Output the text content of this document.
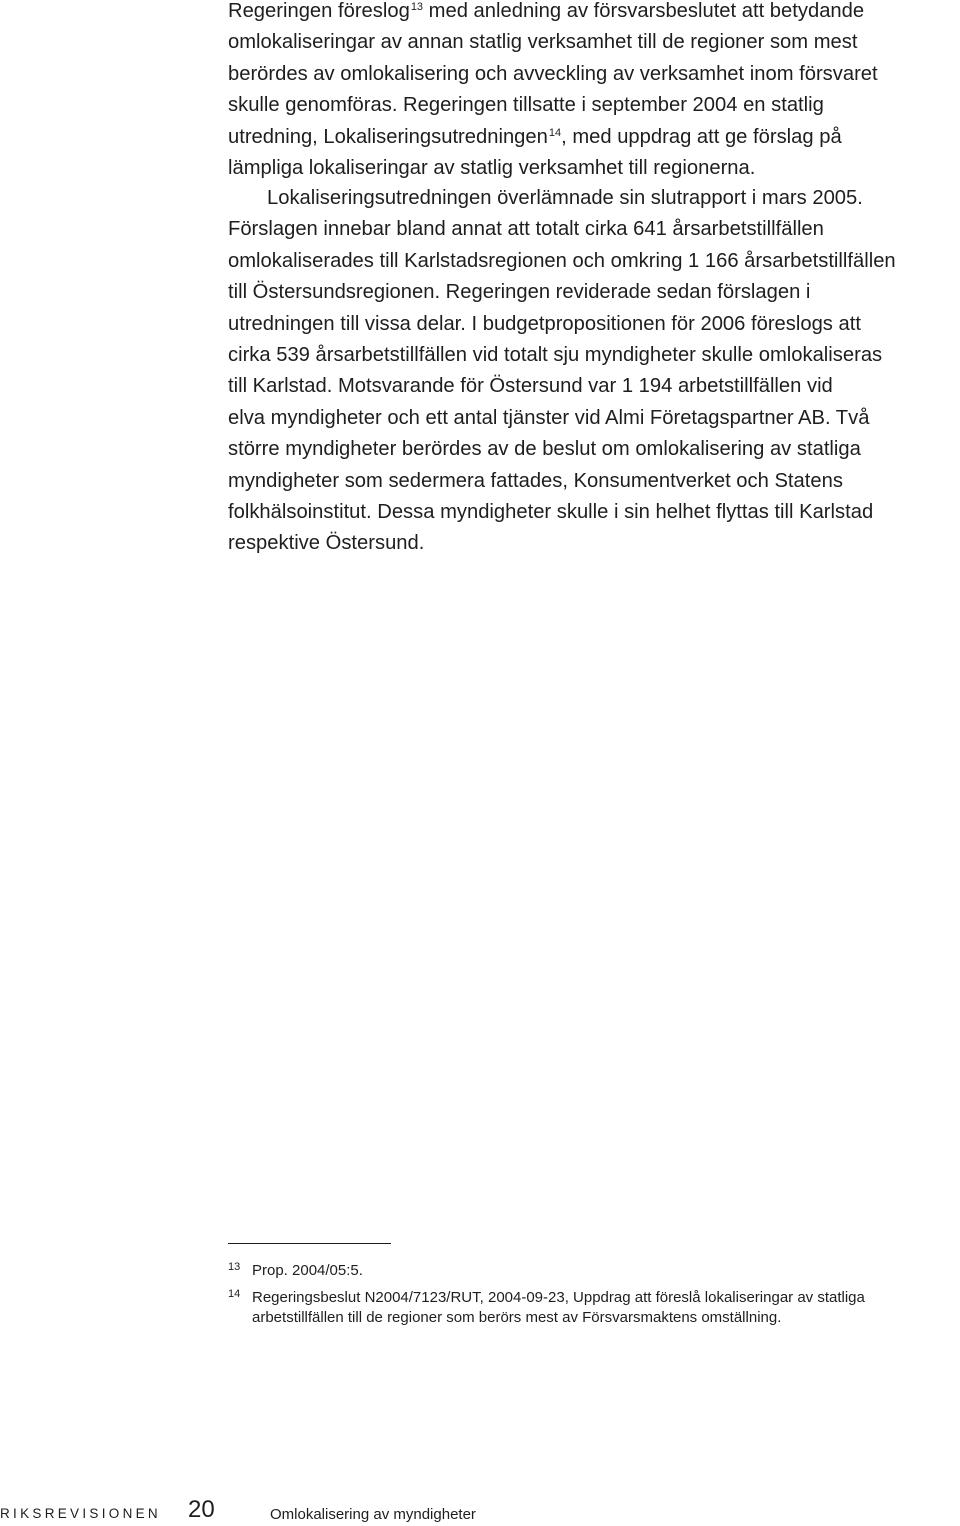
Regeringen föreslog$^{13}$ med anledning av försvarsbeslutet att betydande
omlokaliseringar av annan statlig verksamhet till de regioner som mest
berördes av omlokalisering och avveckling av verksamhet inom försvaret
skulle genomföras. Regeringen tillsatte i september 2004 en statlig
utredning, Lokaliseringsutredningen$^{14}$, med uppdrag att ge förslag på
lämpliga lokaliseringar av statlig verksamhet till regionerna.
Lokaliseringsutredningen överlämnade sin slutrapport i mars 2005.
Förslagen innebar bland annat att totalt cirka 641 årsarbetstillfällen
omlokaliserades till Karlstadsregionen och omkring 1 166 årsarbetstillfällen
till Östersundsregionen. Regeringen reviderade sedan förslagen i
utredningen till vissa delar. I budgetpropositionen för 2006 föreslogs att
cirka 539 årsarbetstillfällen vid totalt sju myndigheter skulle omlokaliseras
till Karlstad. Motsvarande för Östersund var 1 194 arbetstillfällen vid
elva myndigheter och ett antal tjänster vid Almi Företagspartner AB. Två
större myndigheter berördes av de beslut om omlokalisering av statliga
myndigheter som sedermera fattades, Konsumentverket och Statens
folkhälsoinstitut. Dessa myndigheter skulle i sin helhet flyttas till Karlstad
respektive Östersund.
13 Prop. 2004/05:5.
14 Regeringsbeslut N2004/7123/RUT, 2004-09-23, Uppdrag att föreslå lokaliseringar av statliga
arbetstillfällen till de regioner som berörs mest av Försvarsmaktens omställning.
RIKSREVISIONEN 20	Omlokalisering av myndigheter
